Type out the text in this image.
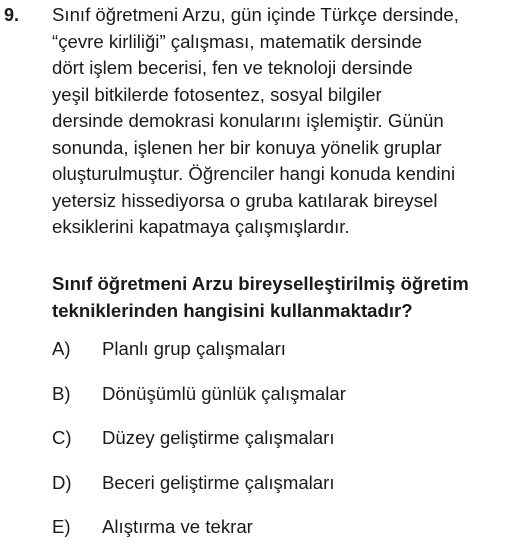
9. Sınıf öğretmeni Arzu, gün içinde Türkçe dersinde,
“çevre kirliliği” çalışması, matematik dersinde
dört işlem becerisi, fen ve teknoloji dersinde
yeşil bitkilerde fotosentez, sosyal bilgiler
dersinde demokrasi konularını işlemiştir. Günün
sonunda, işlenen her bir konuya yönelik gruplar
oluşturulmuştur. Öğrenciler hangi konuda kendini
yetersiz hissediyorsa o gruba katılarak bireysel
eksiklerini kapatmaya çalışmışlardır.

Sınıf öğretmeni Arzu bireyselleştirilmiş öğretim
tekniklerinden hangisini kullanmaktadır?

A) Planlı grup çalışmaları
B) Dönüşümlü günlük çalışmalar
C) Düzey geliştirme çalışmaları
D) Beceri geliştirme çalışmaları
E) Alıştırma ve tekrar
